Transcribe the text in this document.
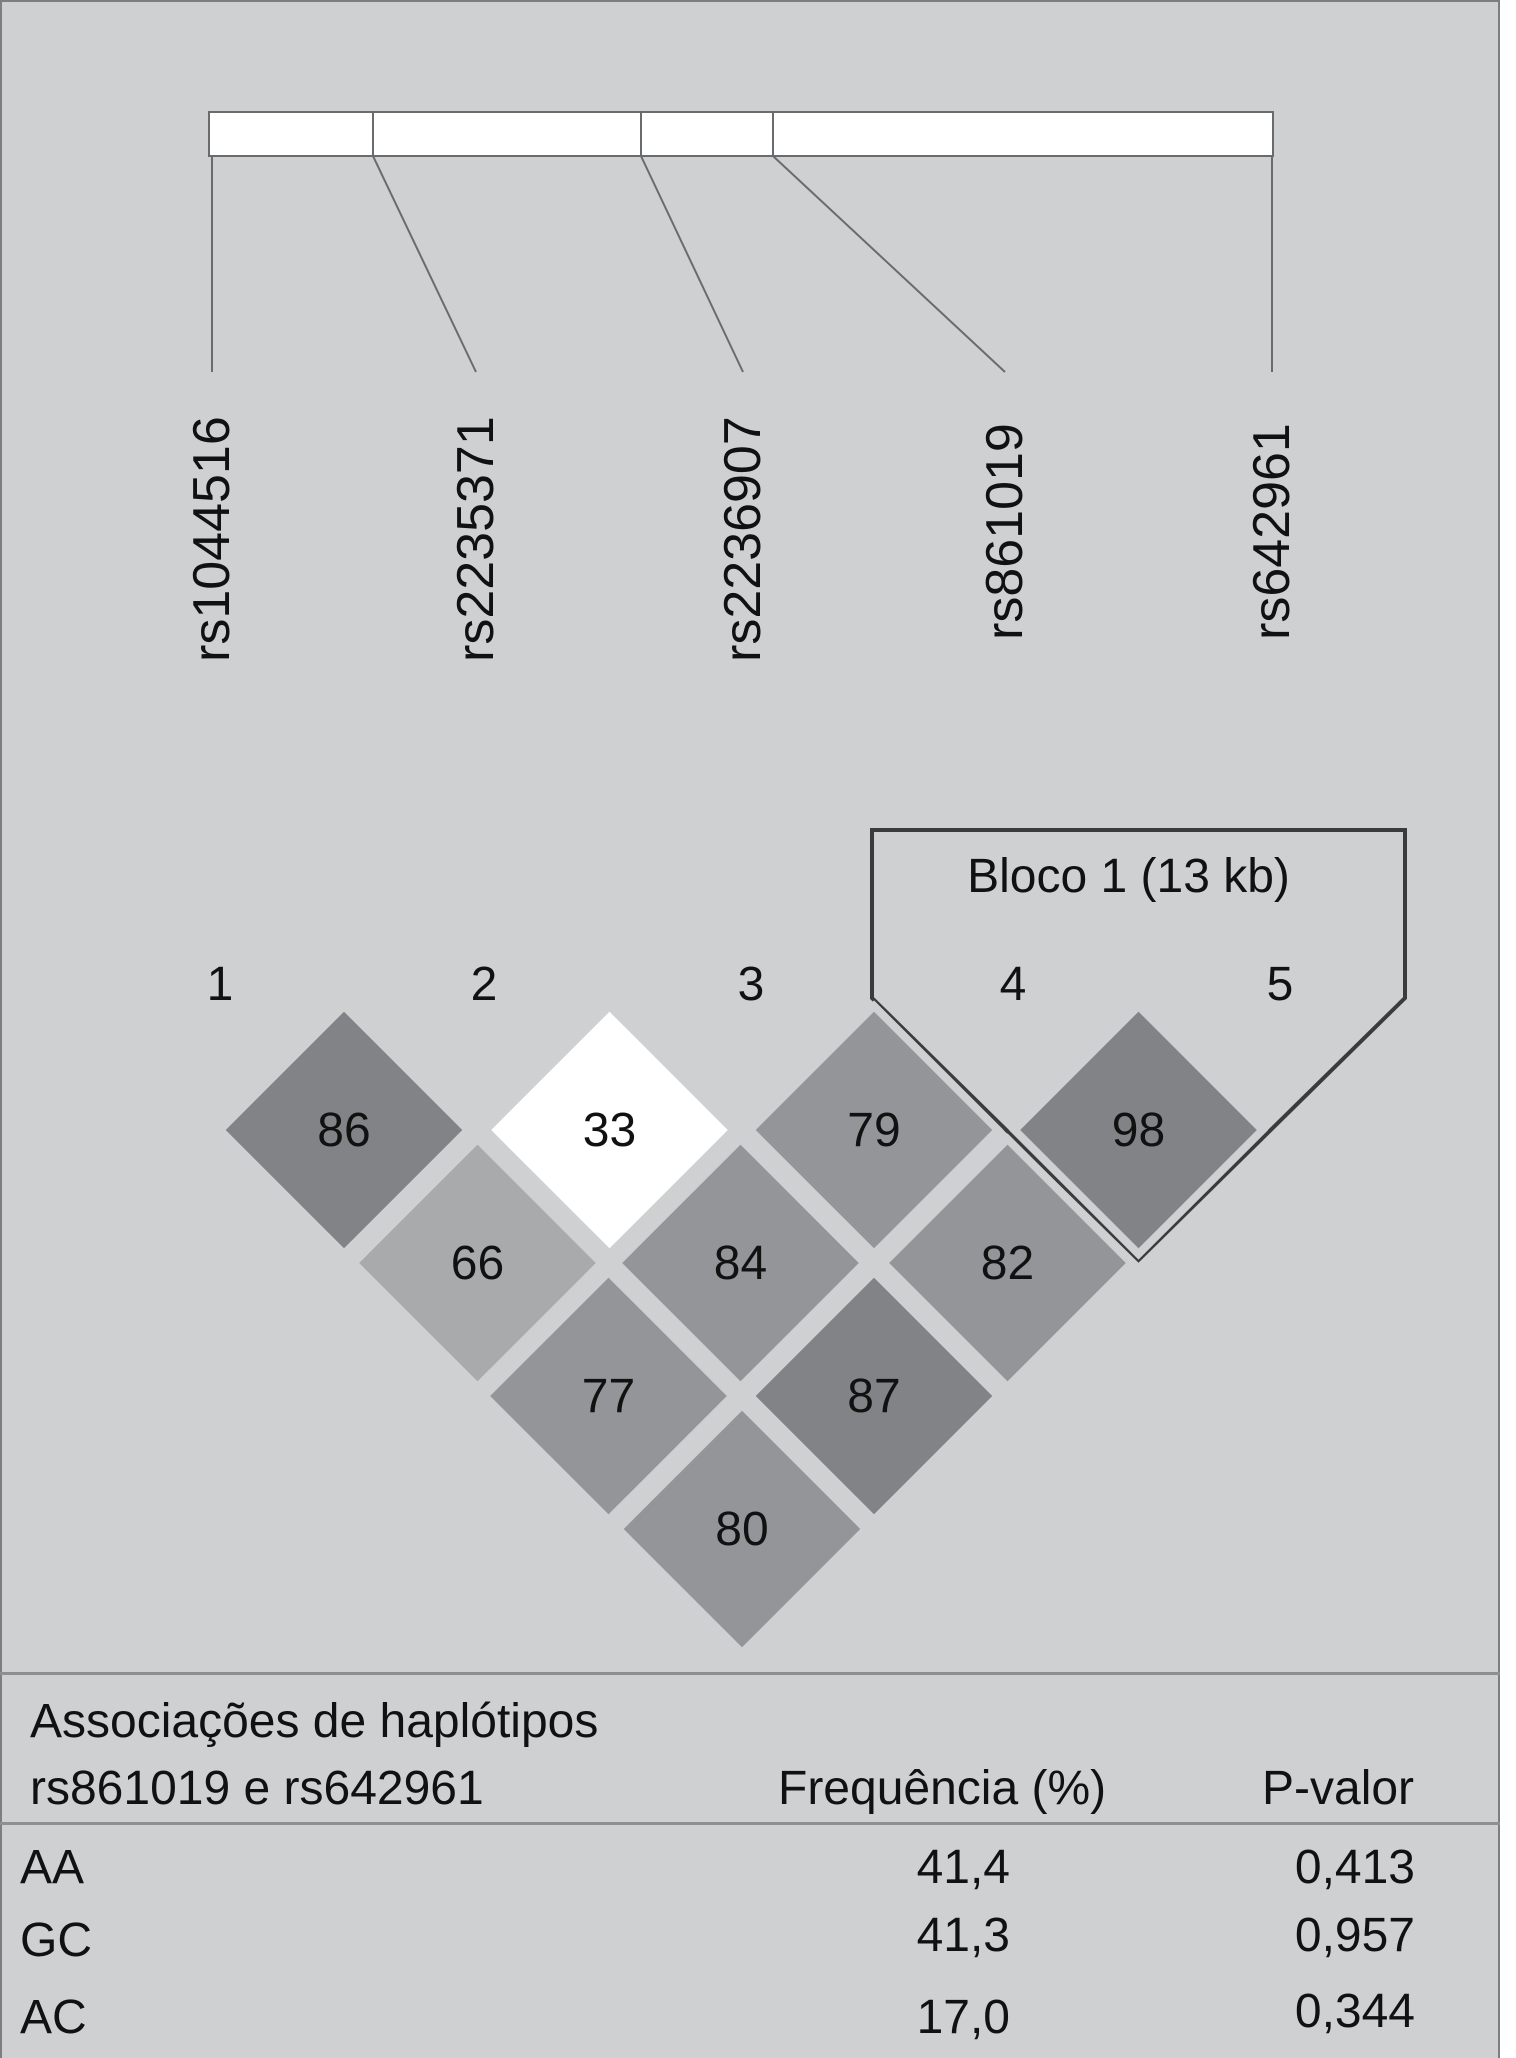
rs1044516	rs2235371	rs2236907	rs861019	rs642961
Bloco 1 (13 kb)
1	2	3	4	5
86	33	79	98
66	84	82
77	87
80
Associações de haplótipos
rs861019 e rs642961	Frequência (%)	P-valor
AA	41,4	0,413
GC	41,3	0,957
AC	17,0	0,344
